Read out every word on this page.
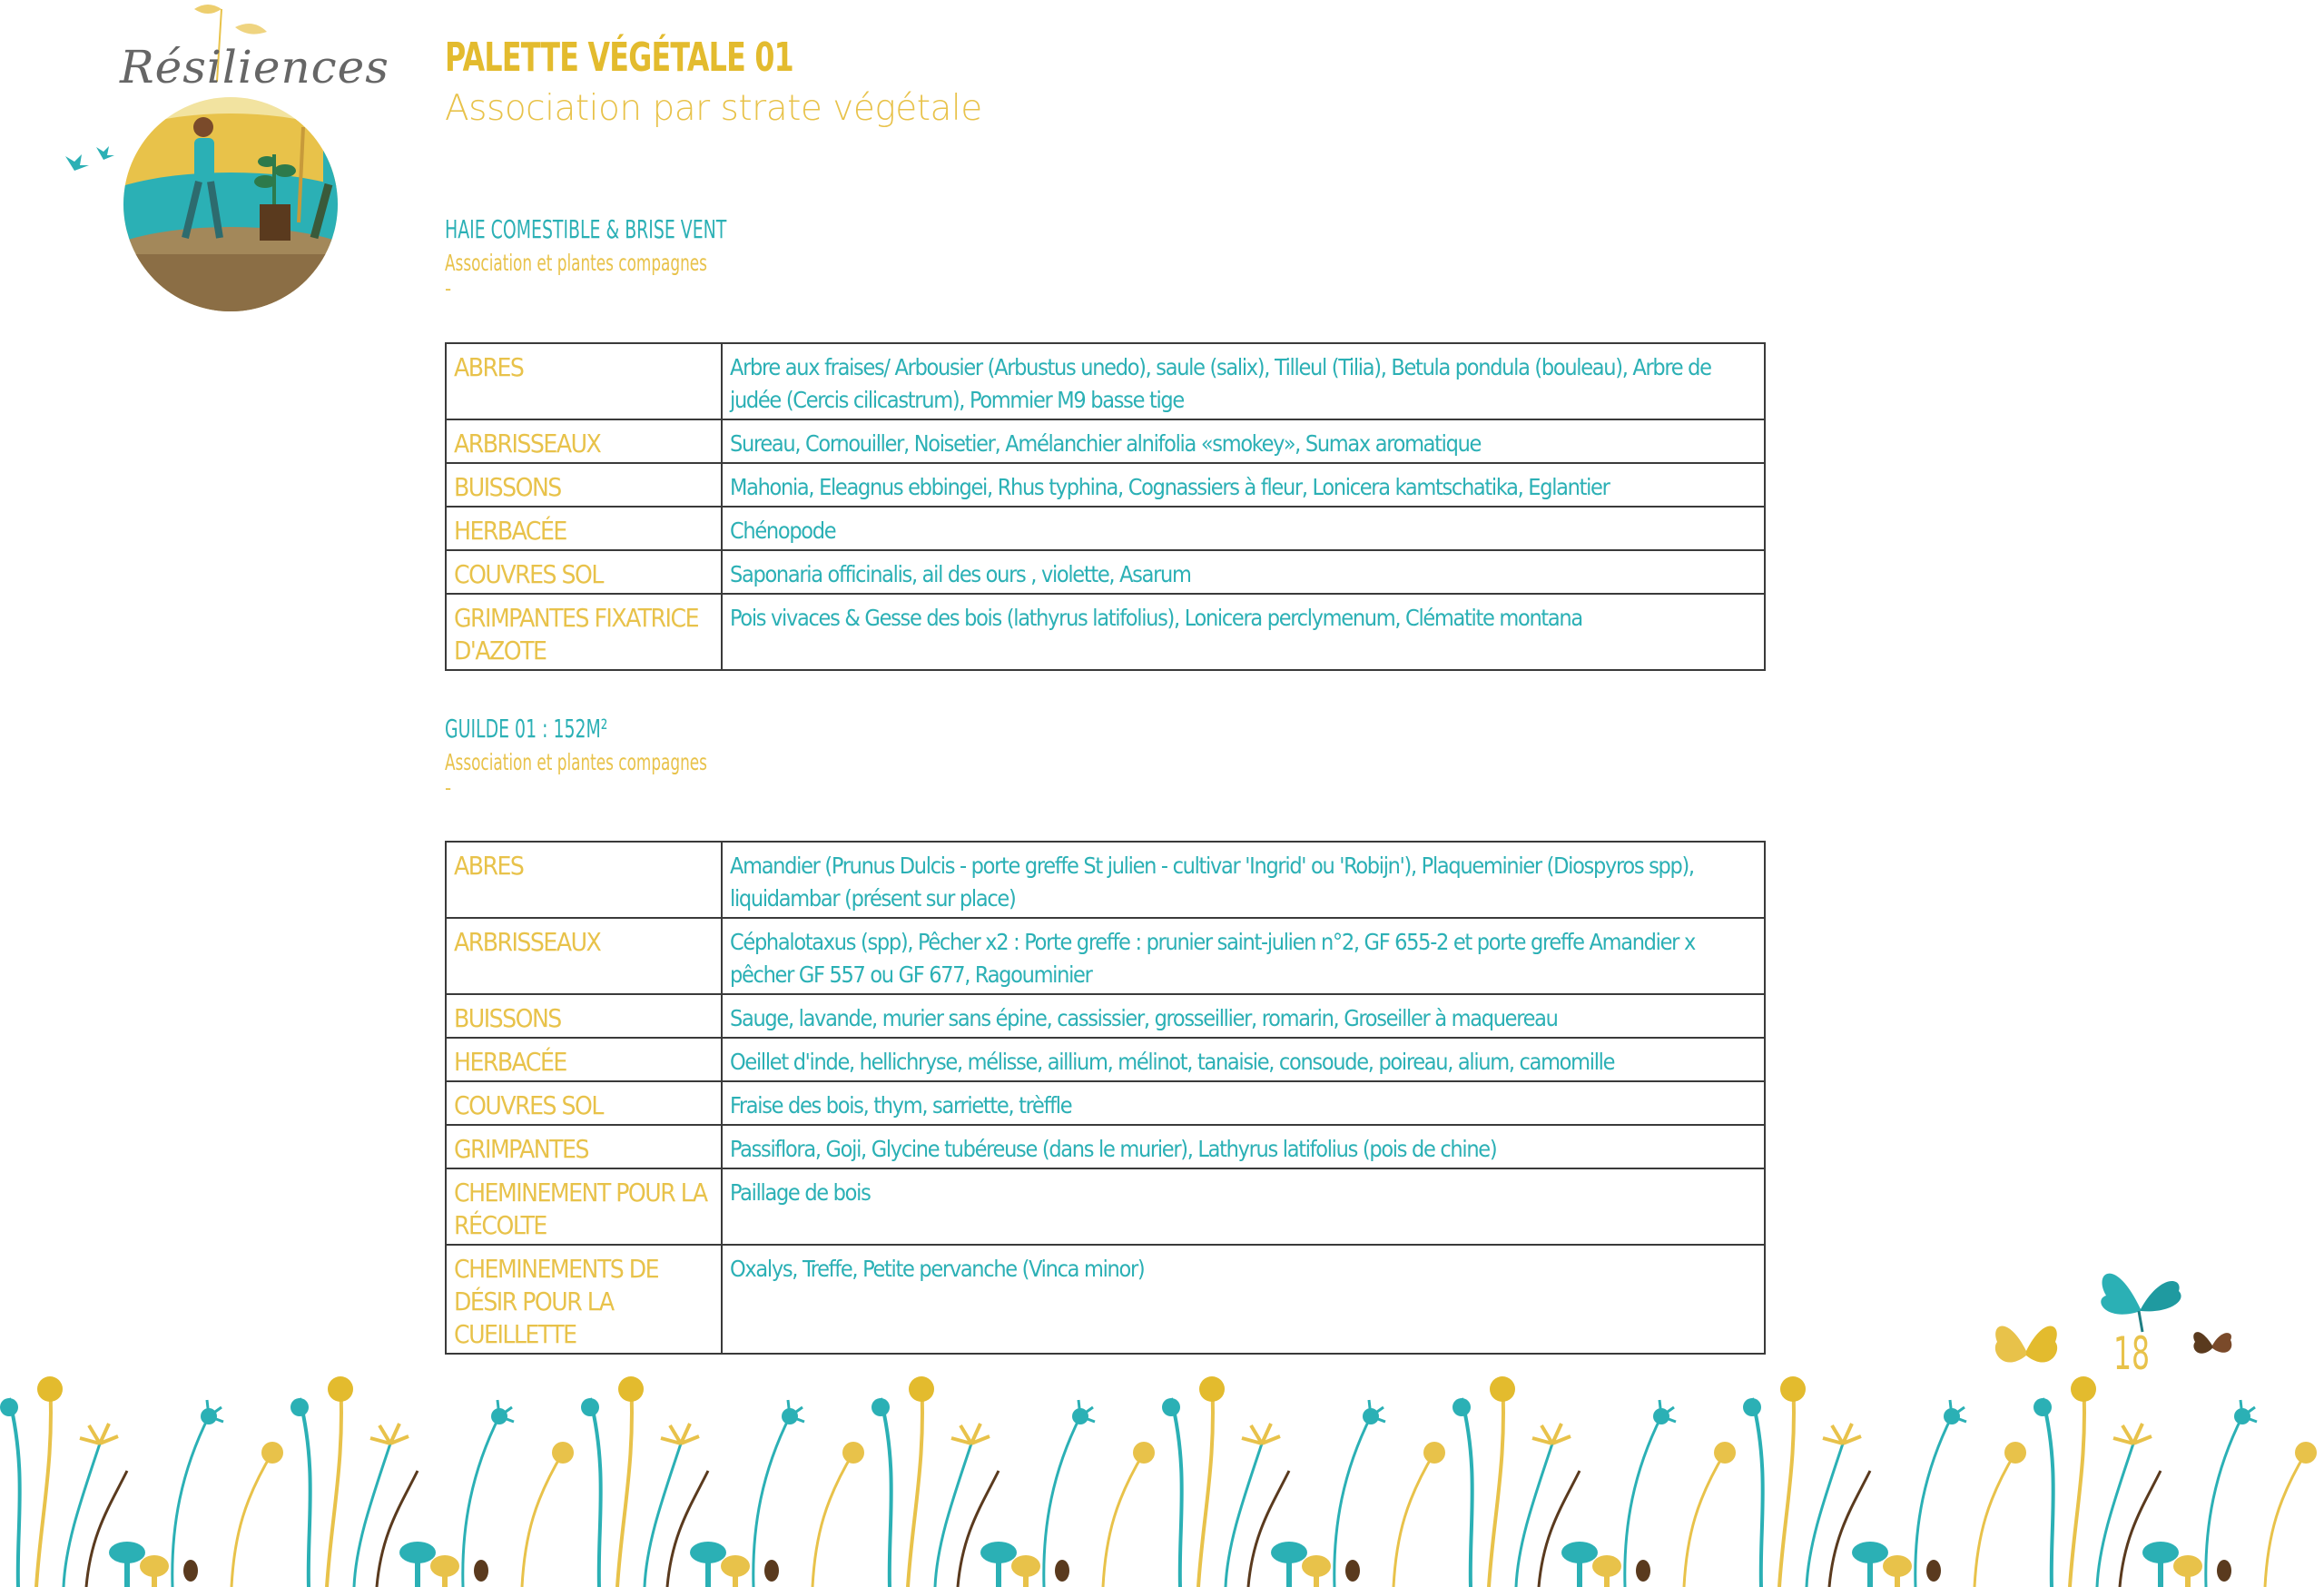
Résiliences PALETTE VÉGÉTALE 01
Association par strate végétale
HAIE COMESTIBLE & BRISE VENT
Association et plantes compagnes
-
ABRES	Arbre aux fraises/ Arbousier (Arbustus unedo), saule (salix), Tilleul (Tilia), Betula pondula (bouleau), Arbre de judée (Cercis cilicastrum), Pommier M9 basse tige
ARBRISSEAUX	Sureau, Cornouiller, Noisetier, Amélanchier alnifolia «smokey», Sumax aromatique
BUISSONS	Mahonia, Eleagnus ebbingei, Rhus typhina, Cognassiers à fleur, Lonicera kamtschatika, Eglantier
HERBACÉE	Chénopode
COUVRES SOL	Saponaria officinalis, ail des ours , violette, Asarum
GRIMPANTES FIXATRICE D'AZOTE	Pois vivaces & Gesse des bois (lathyrus latifolius), Lonicera perclymenum, Clématite montana
GUILDE 01 : 152M²
Association et plantes compagnes
-
ABRES	Amandier (Prunus Dulcis - porte greffe St julien - cultivar 'Ingrid' ou 'Robijn'), Plaqueminier (Diospyros spp), liquidambar (présent sur place)
ARBRISSEAUX	Céphalotaxus (spp), Pêcher x2 : Porte greffe : prunier saint-julien n°2, GF 655-2 et porte greffe Amandier x pêcher GF 557 ou GF 677, Ragouminier
BUISSONS	Sauge, lavande, murier sans épine, cassissier, grosseillier, romarin, Groseiller à maquereau
HERBACÉE	Oeillet d'inde, hellichryse, mélisse, aillium, mélinot, tanaisie, consoude, poireau, alium, camomille
COUVRES SOL	Fraise des bois, thym, sarriette, trèffle
GRIMPANTES	Passiflora, Goji, Glycine tubéreuse (dans le murier), Lathyrus latifolius (pois de chine)
CHEMINEMENT POUR LA RÉCOLTE	Paillage de bois
CHEMINEMENTS DE DÉSIR POUR LA CUEILLETTE	Oxalys, Treffe, Petite pervanche (Vinca minor)
18
